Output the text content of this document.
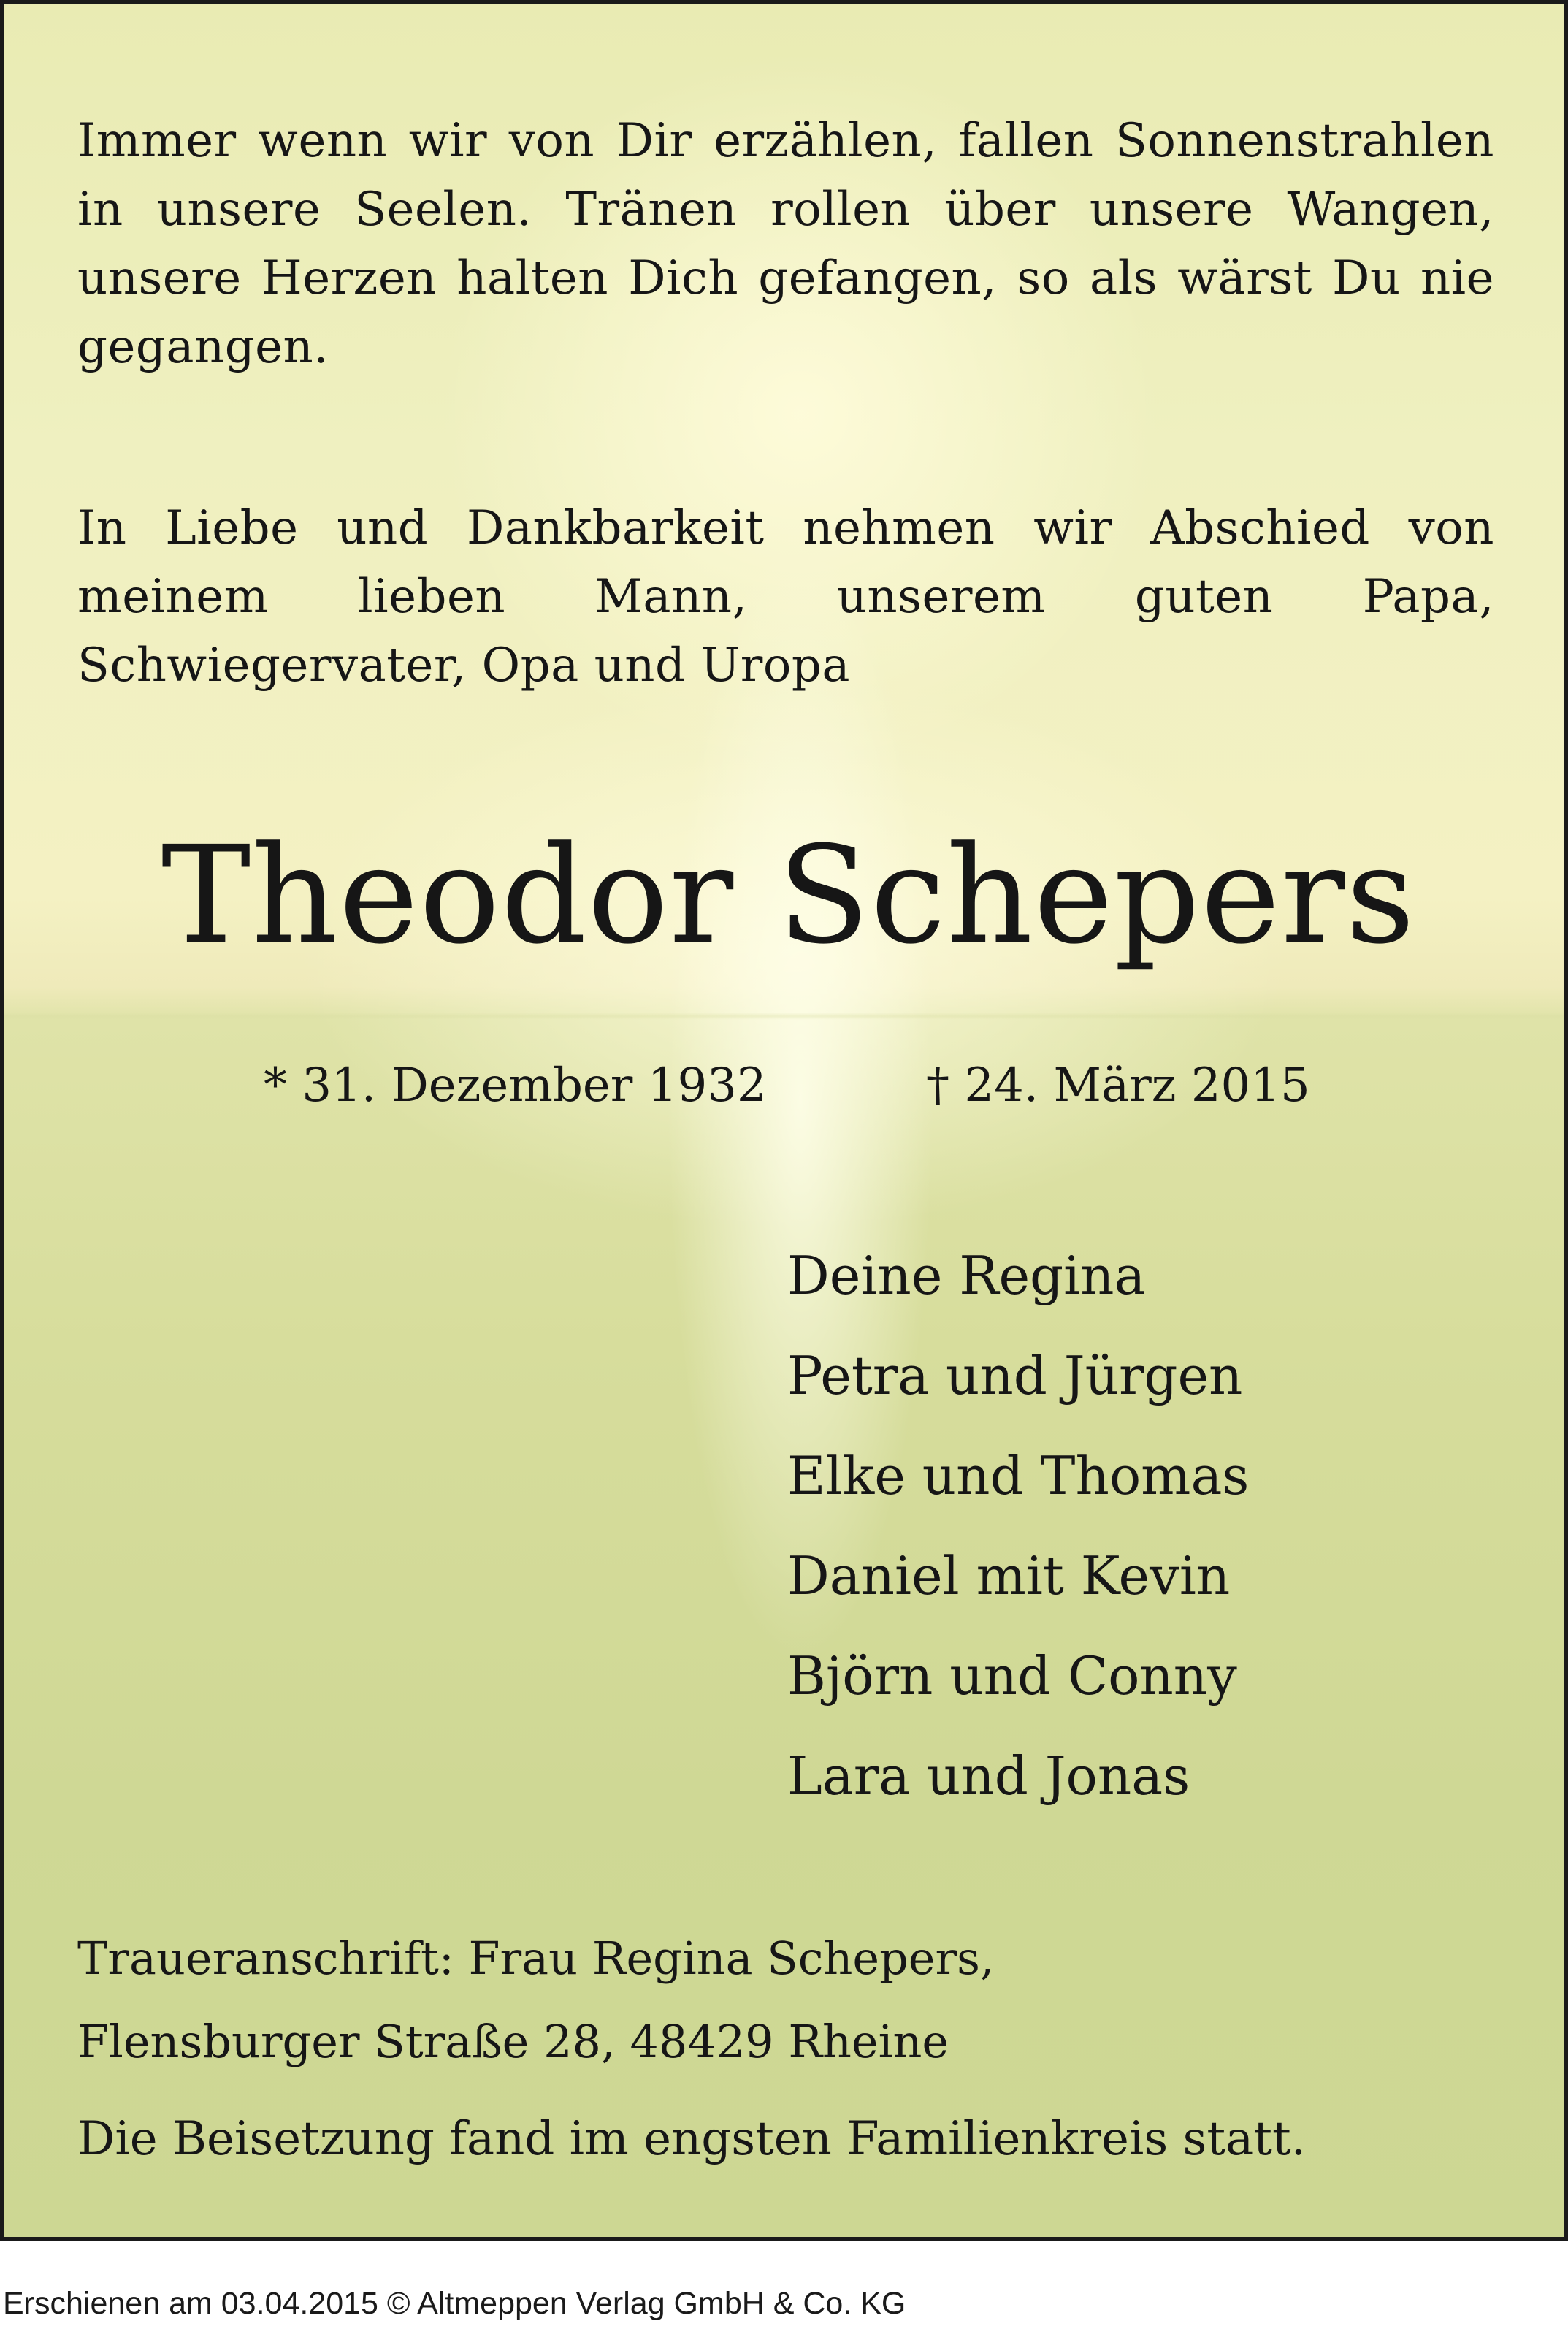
Immer wenn wir von Dir erzählen, fallen Sonnenstrahlen in unsere Seelen. Tränen rollen über unsere Wangen, unsere Herzen halten Dich gefangen, so als wärst Du nie gegangen.

In Liebe und Dankbarkeit nehmen wir Abschied von meinem lieben Mann, unserem guten Papa, Schwiegervater, Opa und Uropa

Theodor Schepers
* 31. Dezember 1932	† 24. März 2015
Deine Regina
Petra und Jürgen
Elke und Thomas
Daniel mit Kevin
Björn und Conny
Lara und Jonas
Traueranschrift: Frau Regina Schepers,
Flensburger Straße 28, 48429 Rheine
Die Beisetzung fand im engsten Familienkreis statt.
Erschienen am 03.04.2015 © Altmeppen Verlag GmbH & Co. KG
